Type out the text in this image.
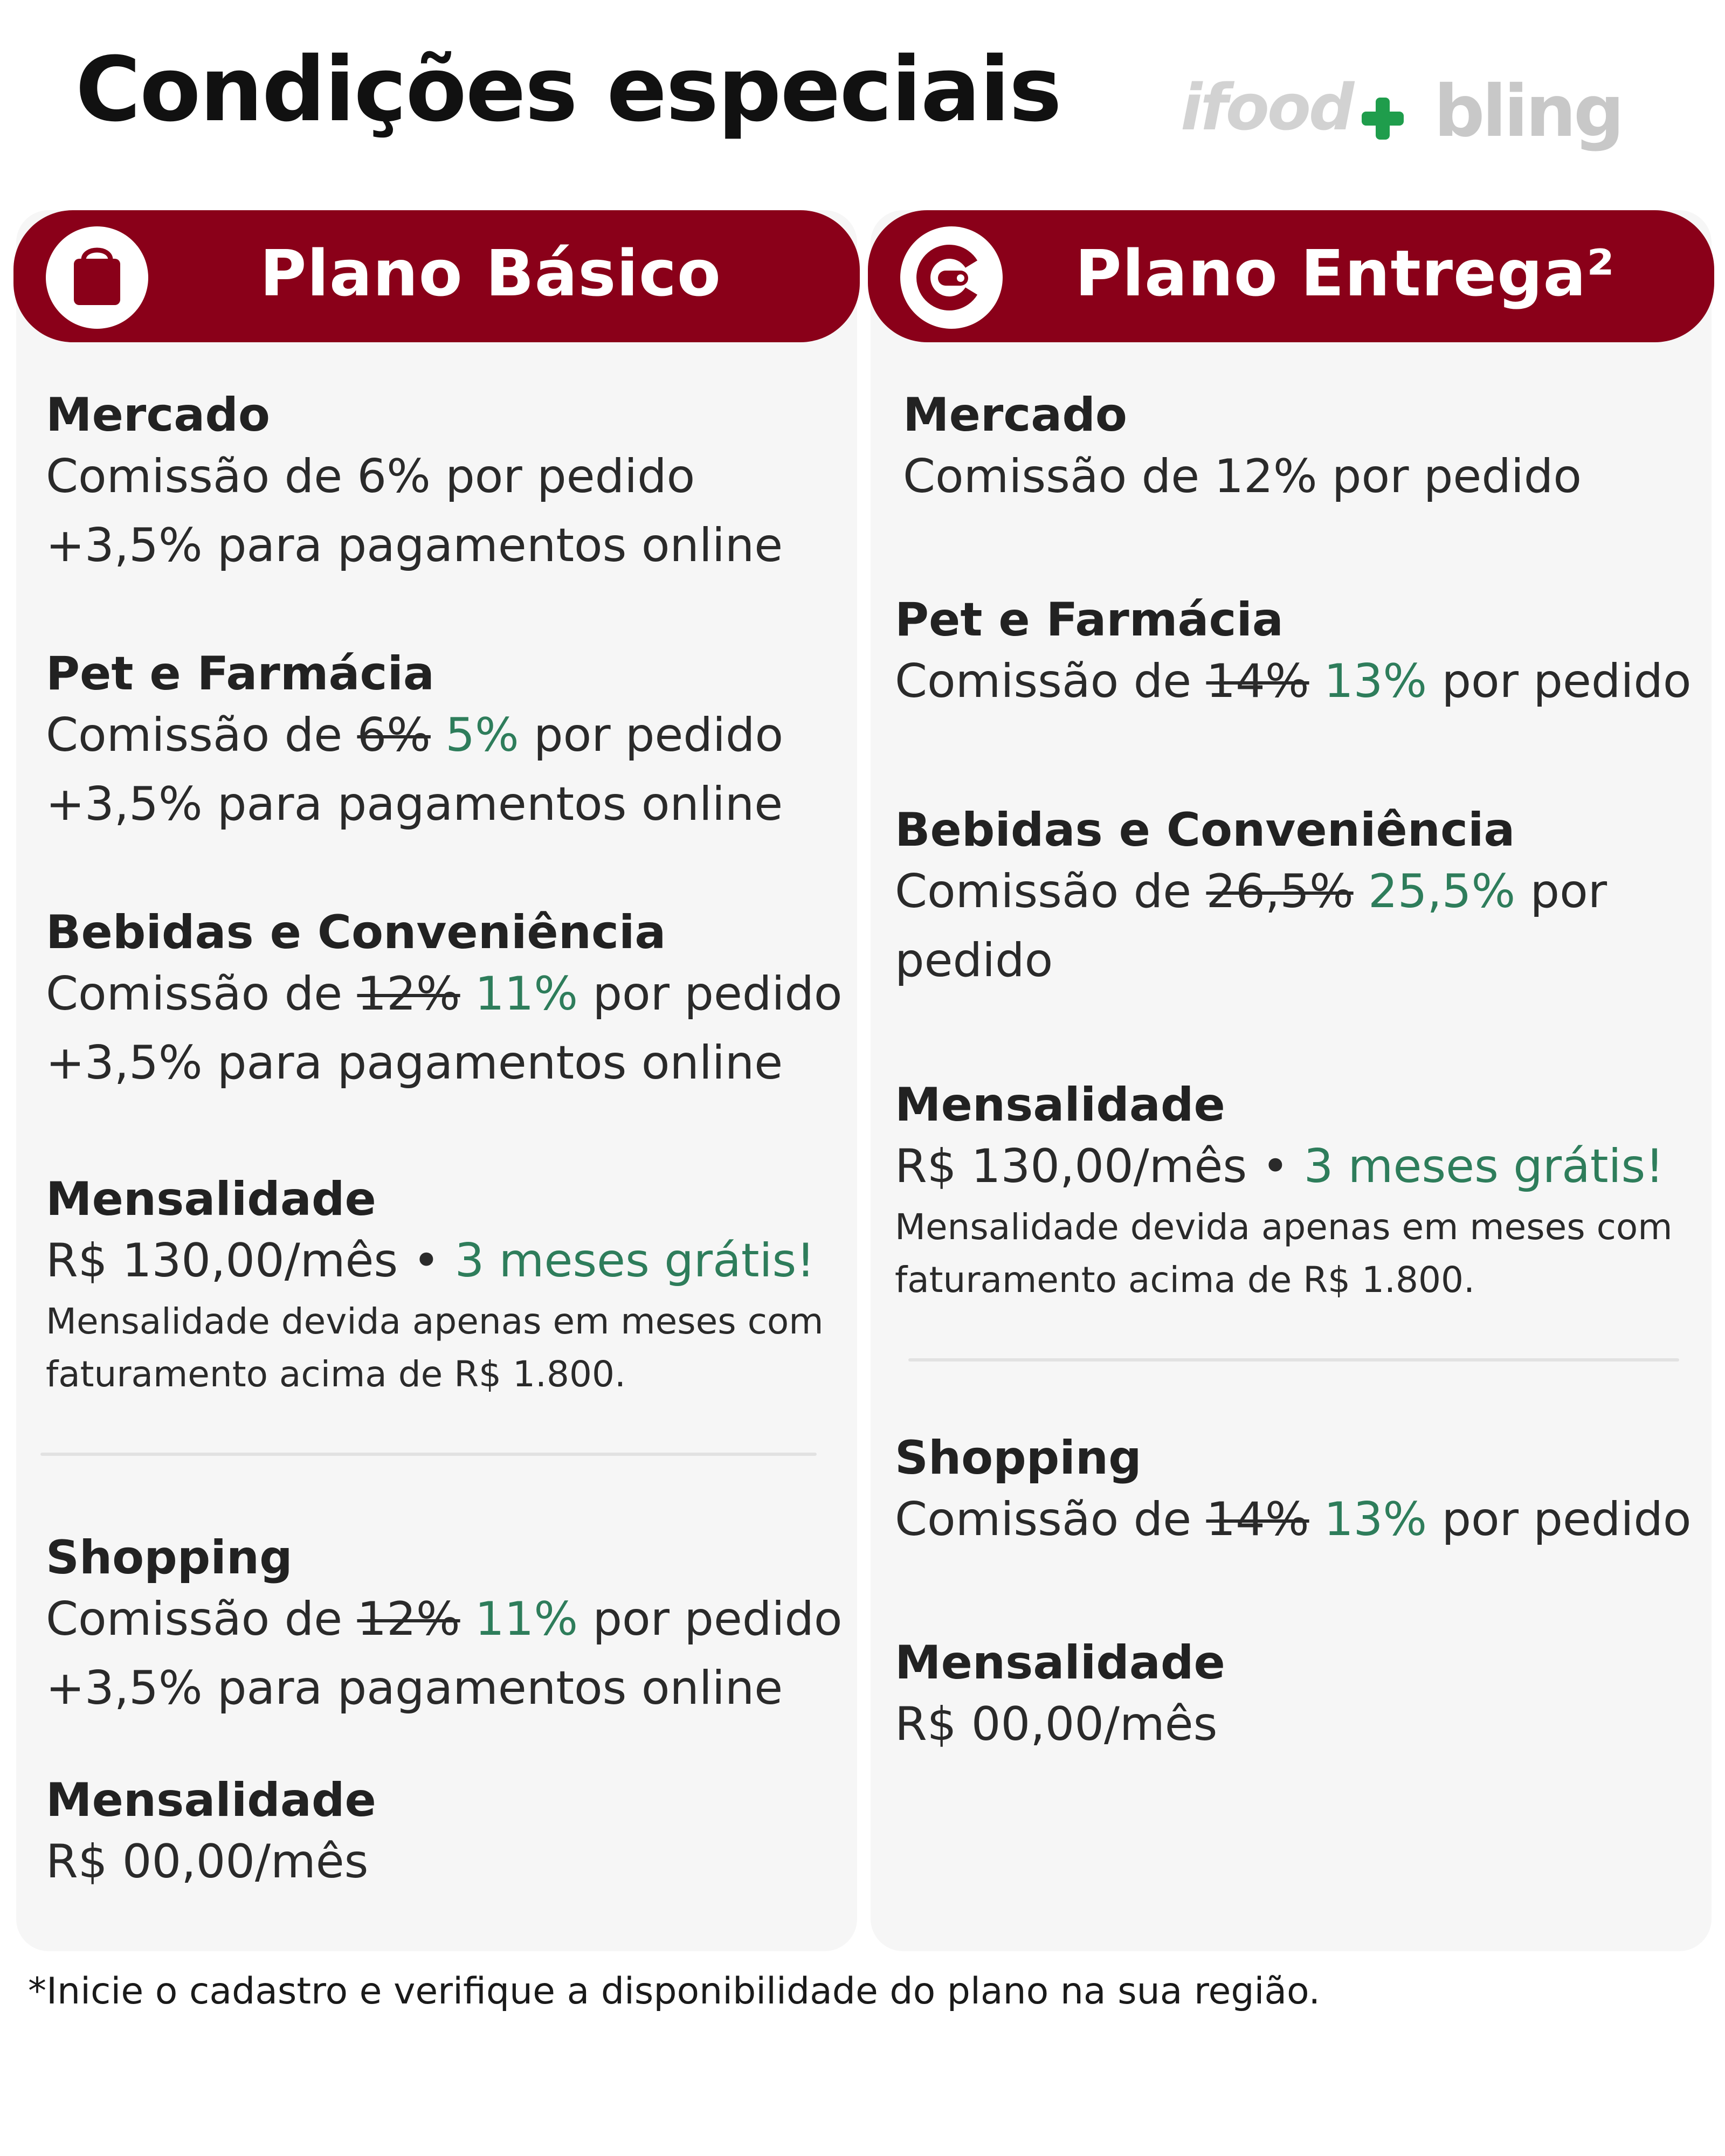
Condições especiais ifood bling
Plano Básico
Mercado
Comissão de 6% por pedido
+3,5% para pagamentos online
Pet e Farmácia
Comissão de 6% 5% por pedido
+3,5% para pagamentos online
Bebidas e Conveniência
Comissão de 12% 11% por pedido
+3,5% para pagamentos online
Mensalidade
R$ 130,00/mês • 3 meses grátis!
Mensalidade devida apenas em meses com
faturamento acima de R$ 1.800.
Shopping
Comissão de 12% 11% por pedido
+3,5% para pagamentos online
Mensalidade
R$ 00,00/mês
Plano Entrega²
Mercado
Comissão de 12% por pedido
Pet e Farmácia
Comissão de 14% 13% por pedido
Bebidas e Conveniência
Comissão de 26,5% 25,5% por
pedido
Mensalidade
R$ 130,00/mês • 3 meses grátis!
Mensalidade devida apenas em meses com
faturamento acima de R$ 1.800.
Shopping
Comissão de 14% 13% por pedido
Mensalidade
R$ 00,00/mês
*Inicie o cadastro e verifique a disponibilidade do plano na sua região.
